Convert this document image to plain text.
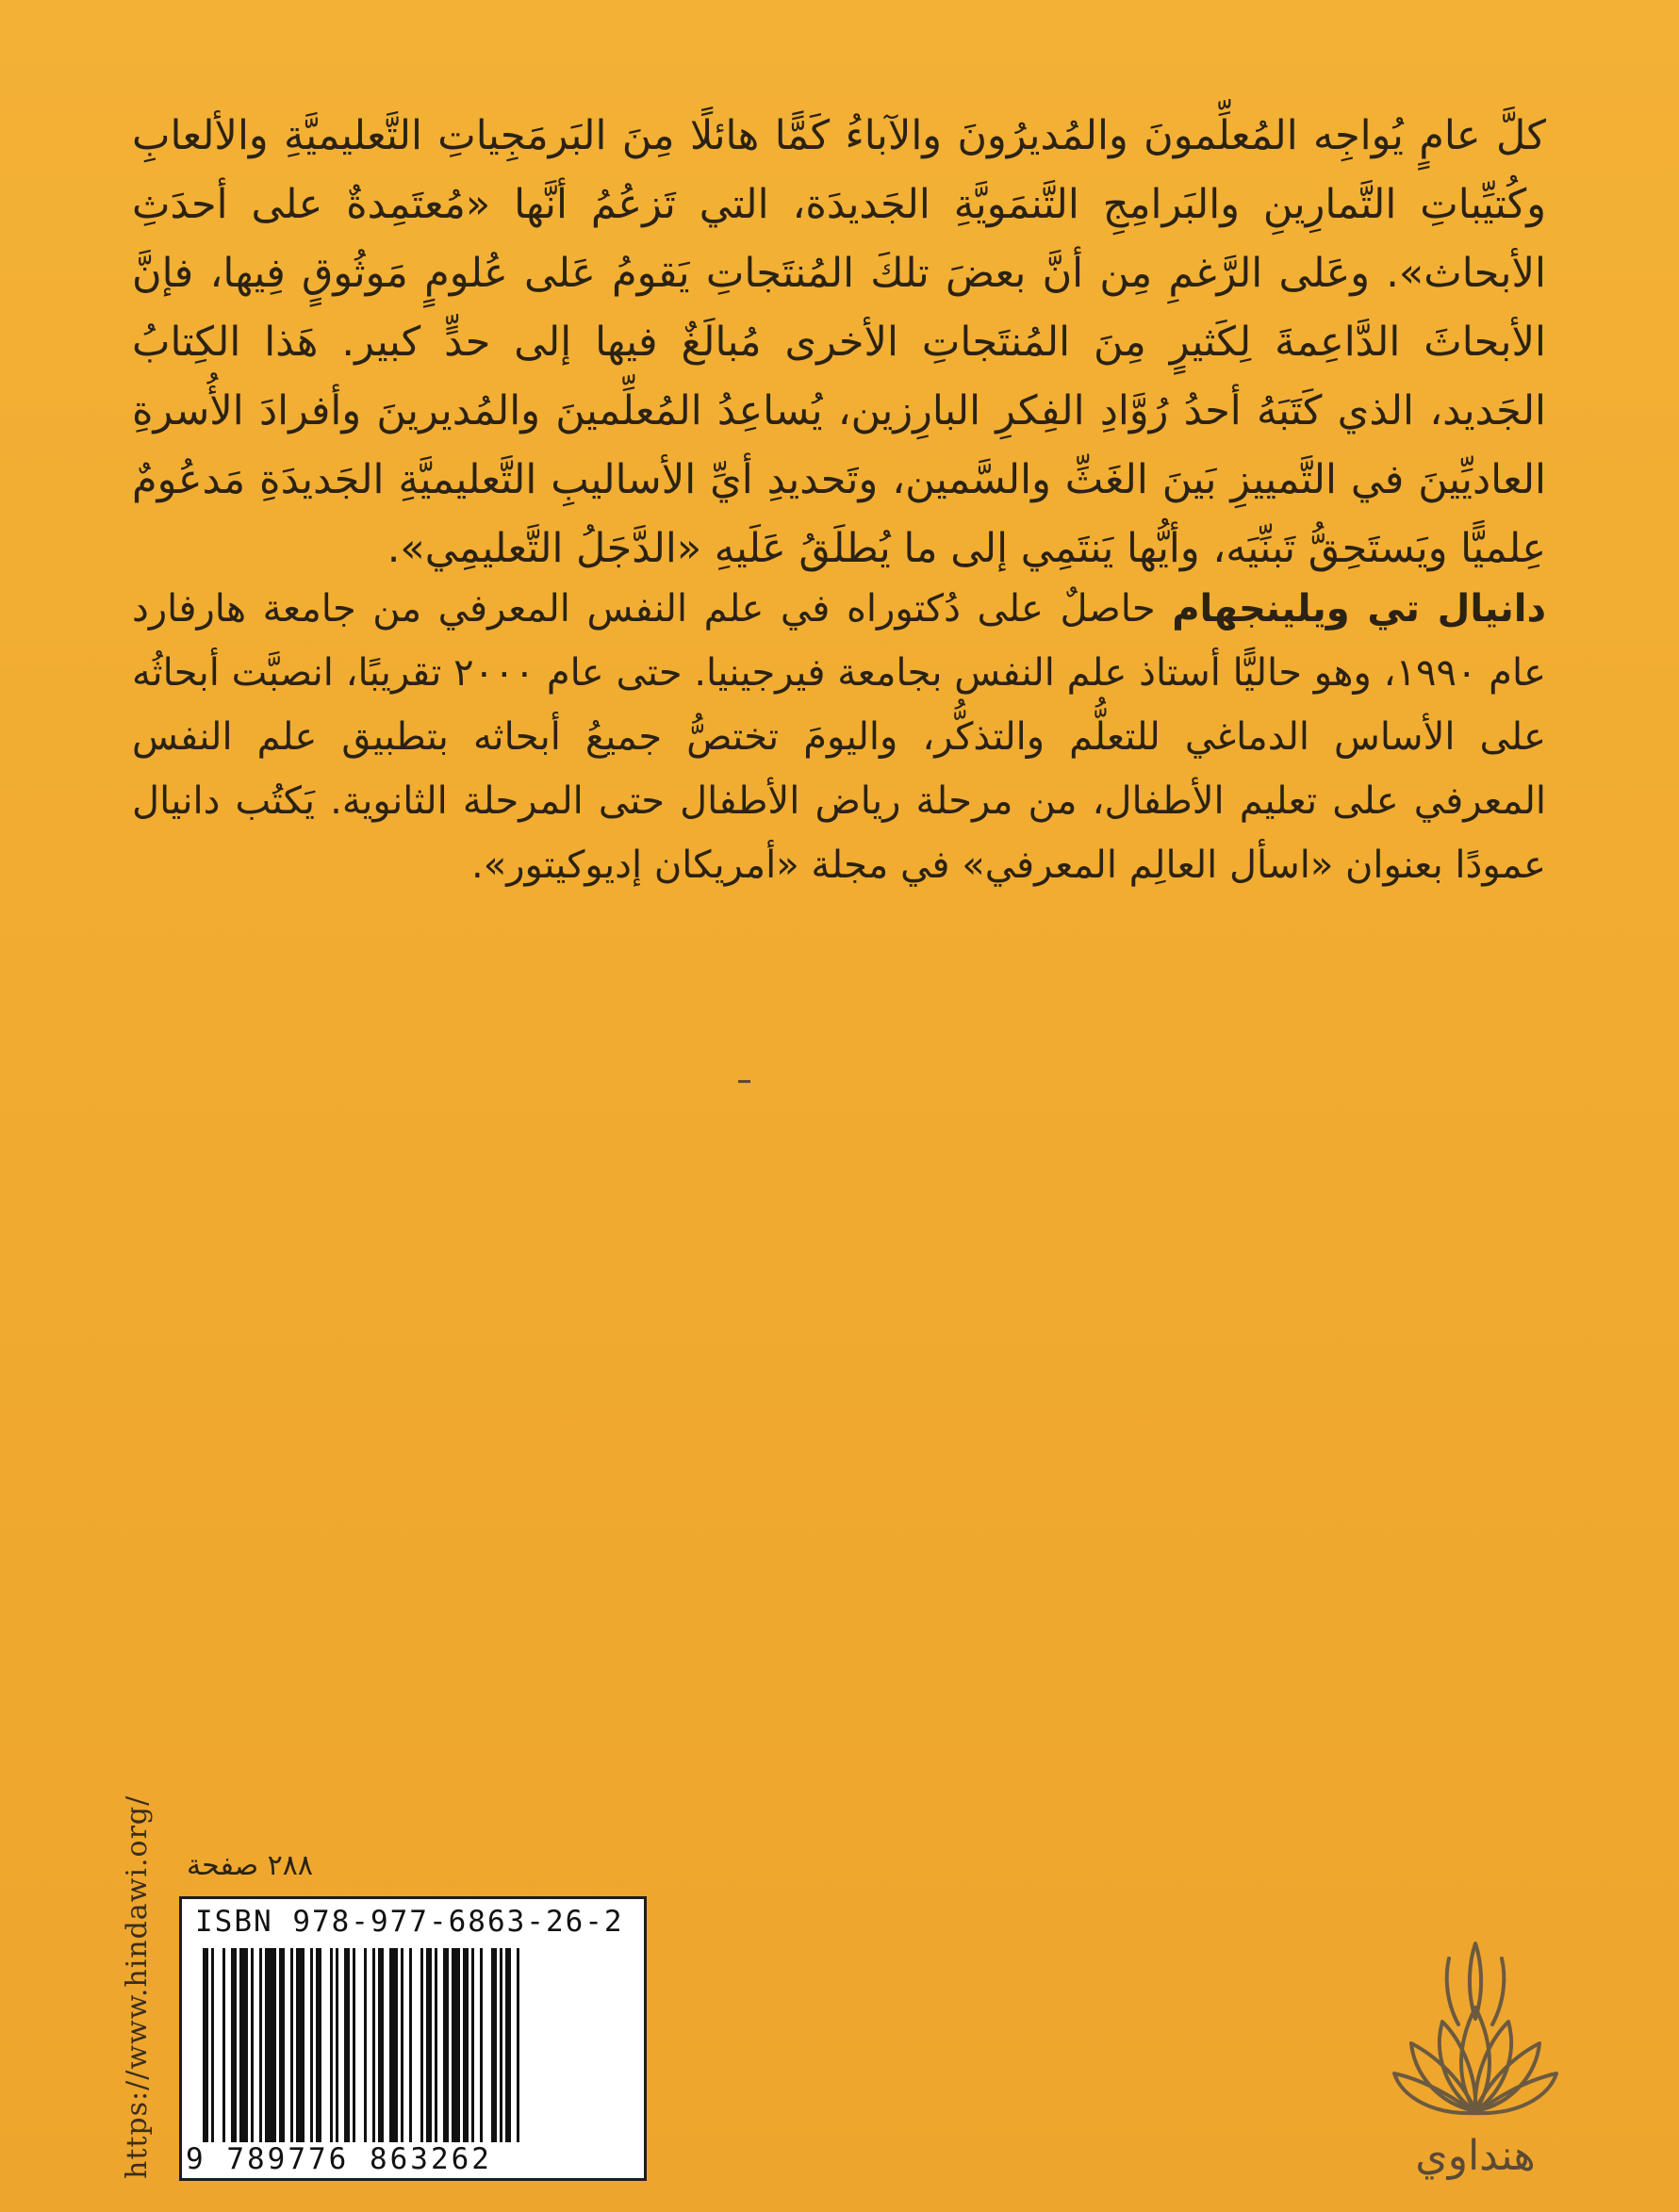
كلَّ عامٍ يُواجِه المُعلِّمونَ والمُديرُونَ والآباءُ كَمًّا هائلًا مِنَ البَرمَجِياتِ التَّعليميَّةِ والألعابِ وكُتيِّباتِ التَّمارِينِ والبَرامِجِ التَّنمَويَّةِ الجَديدَة، التي تَزعُمُ أنَّها «مُعتَمِدةٌ على أحدَثِ الأبحاث». وعَلى الرَّغمِ مِن أنَّ بعضَ تلكَ المُنتَجاتِ يَقومُ عَلى عُلومٍ مَوثُوقٍ فِيها، فإنَّ الأبحاثَ الدَّاعِمةَ لِكَثيرٍ مِنَ المُنتَجاتِ الأخرى مُبالَغٌ فيها إلى حدٍّ كبير. هَذا الكِتابُ الجَديد، الذي كَتَبَهُ أحدُ رُوَّادِ الفِكرِ البارِزين، يُساعِدُ المُعلِّمينَ والمُديرينَ وأفرادَ الأُسرةِ العاديِّينَ في التَّمييزِ بَينَ الغَثِّ والسَّمين، وتَحديدِ أيِّ الأساليبِ التَّعليميَّةِ الجَديدَةِ مَدعُومٌ عِلميًّا ويَستَحِقُّ تَبنِّيَه، وأيُّها يَنتَمِي إلى ما يُطلَقُ عَلَيهِ «الدَّجَلُ التَّعليمِي».

دانيال تي ويلينجهام حاصلٌ على دُكتوراه في علم النفس المعرفي من جامعة هارفارد عام ١٩٩٠، وهو حاليًّا أستاذ علم النفس بجامعة فيرجينيا. حتى عام ٢٠٠٠ تقريبًا، انصبَّت أبحاثُه على الأساس الدماغي للتعلُّم والتذكُّر، واليومَ تختصُّ جميعُ أبحاثه بتطبيق علم النفس المعرفي على تعليم الأطفال، من مرحلة رياض الأطفال حتى المرحلة الثانوية. يَكتُب دانيال عمودًا بعنوان «اسأل العالِم المعرفي» في مجلة «أمريكان إديوكيتور».

https://www.hindawi.org/ ٢٨٨ صفحة
ISBN 978-977-6863-26-2
9 789776 863262	هنداوي
